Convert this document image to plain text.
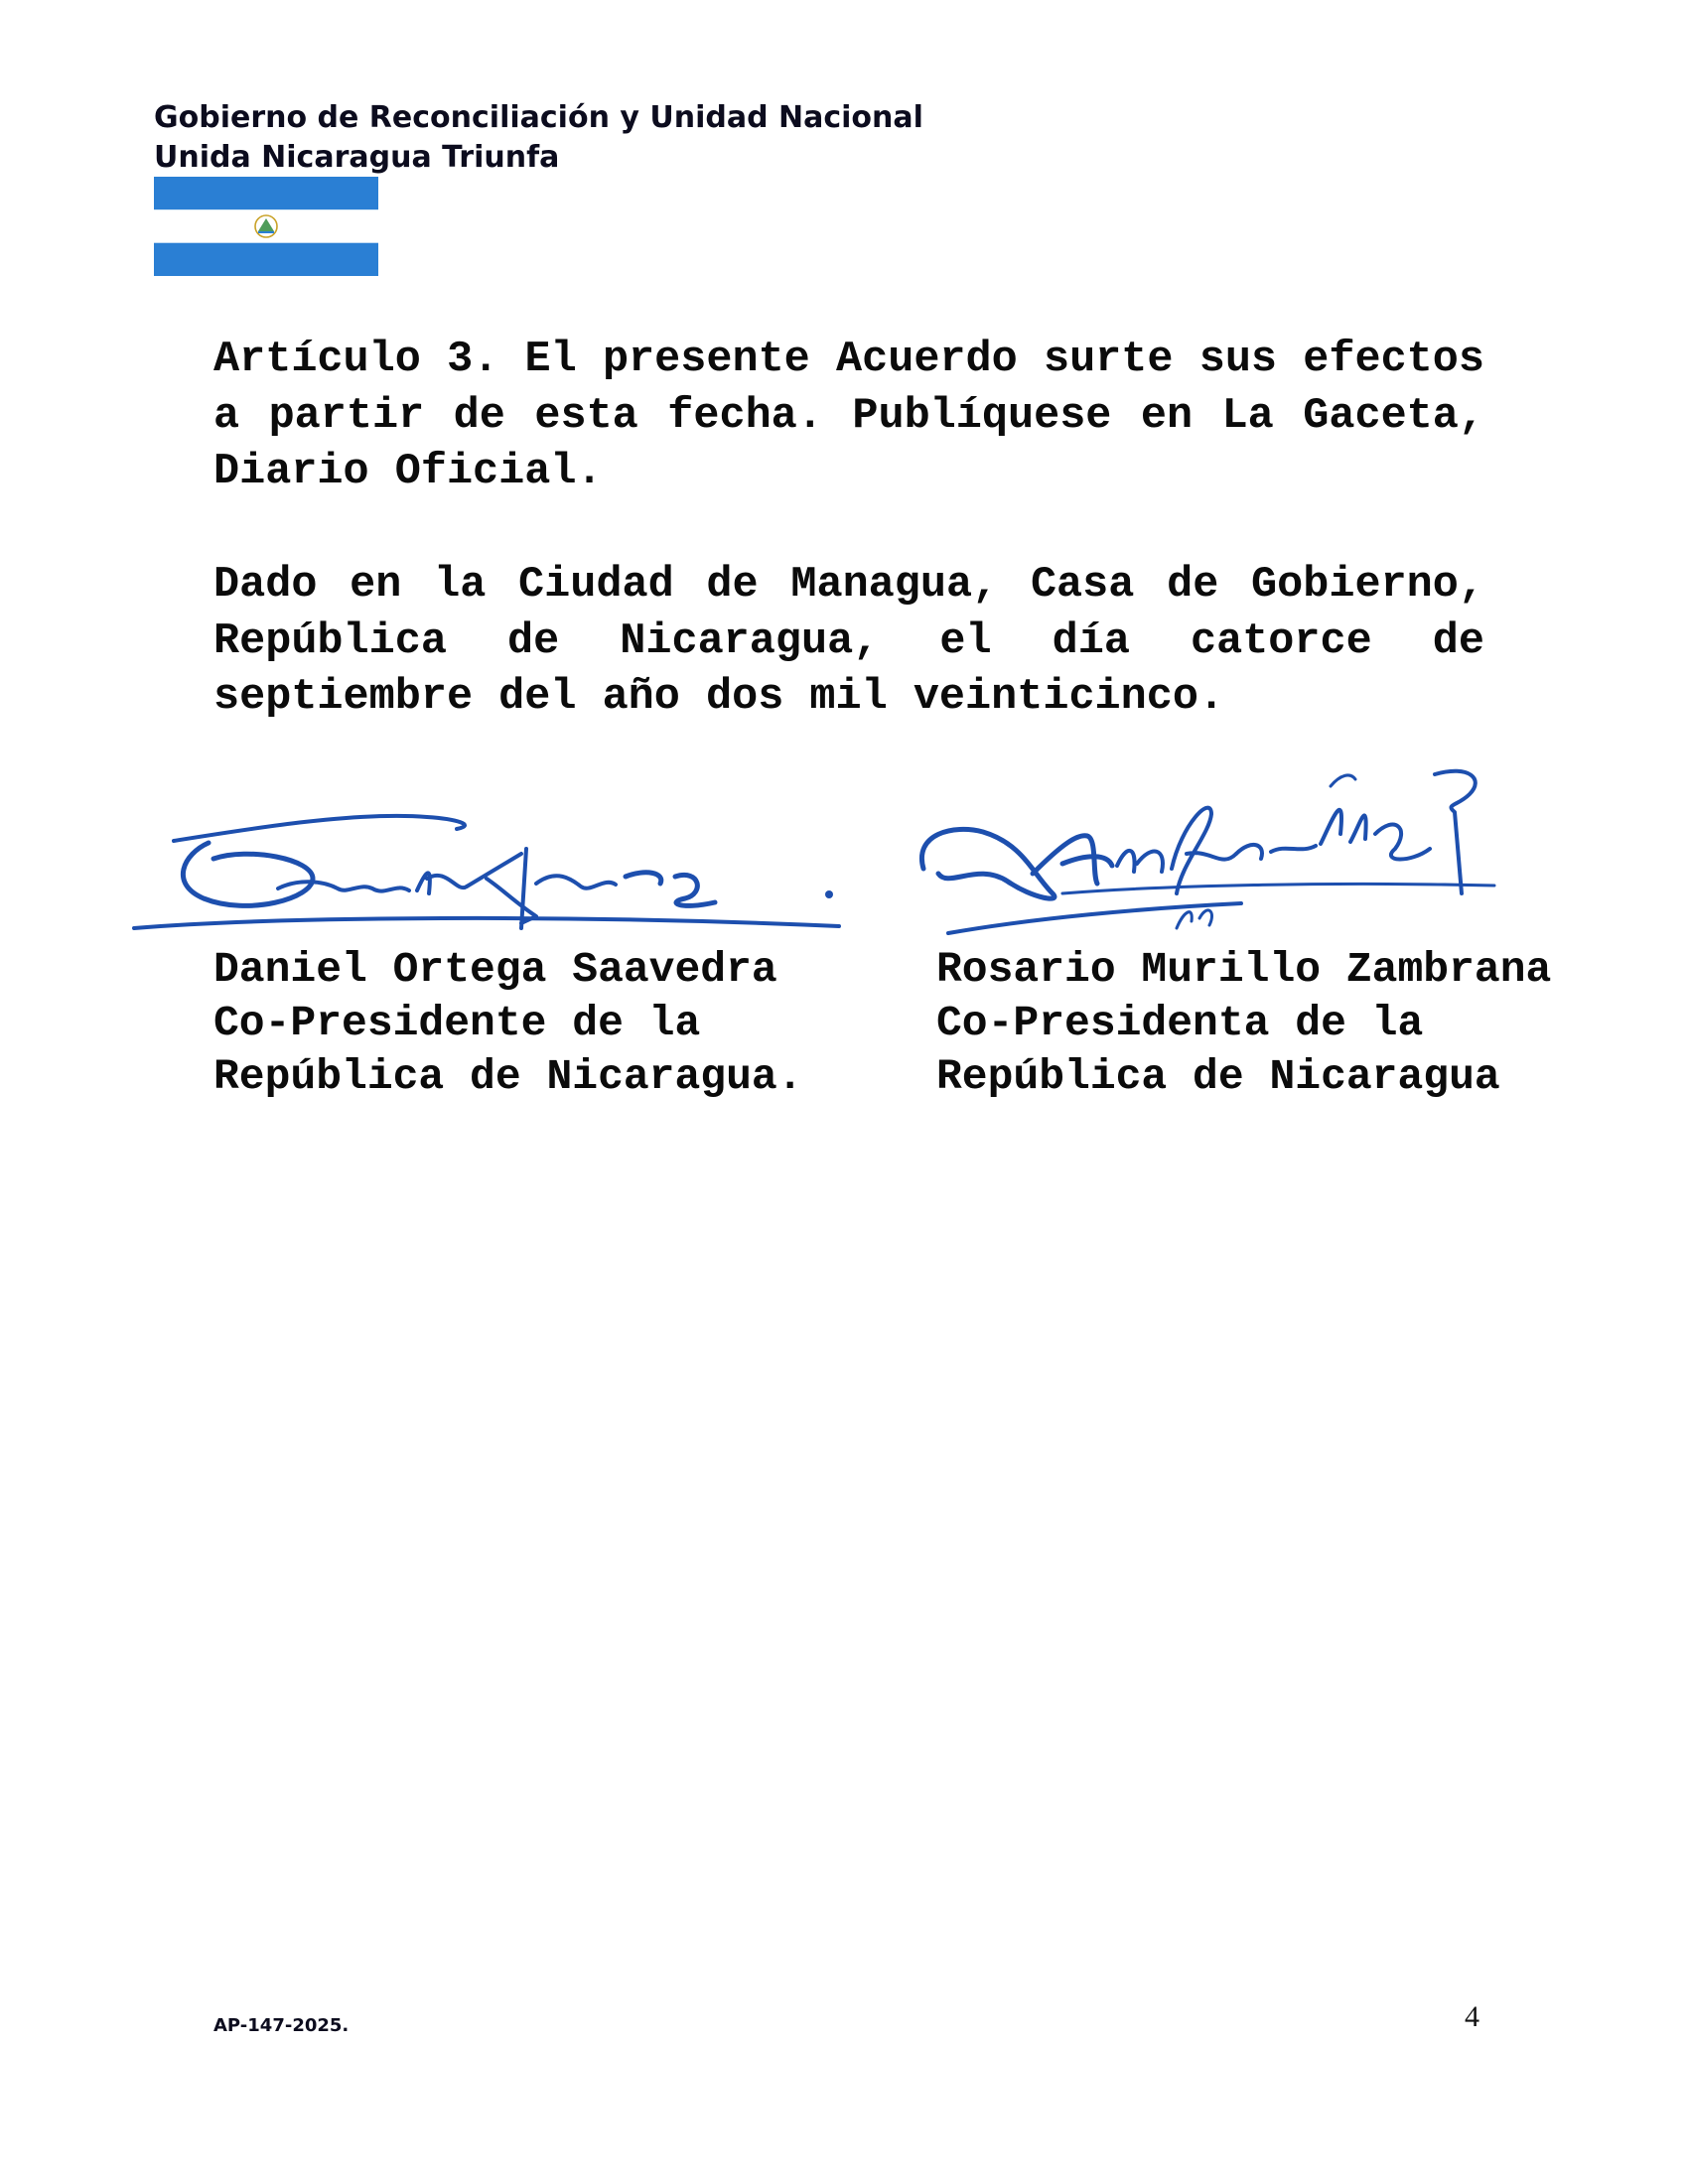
Gobierno de Reconciliación y Unidad Nacional
Unida Nicaragua Triunfa

Artículo 3. El presente Acuerdo surte sus efectos a partir de esta fecha. Publíquese en La Gaceta, Diario Oficial.

Dado en la Ciudad de Managua, Casa de Gobierno, República de Nicaragua, el día catorce de septiembre del año dos mil veinticinco.

Daniel Ortega Saavedra
Co-Presidente de la
República de Nicaragua.
Rosario Murillo Zambrana
Co-Presidenta de la
República de Nicaragua
AP-147-2025.	4
